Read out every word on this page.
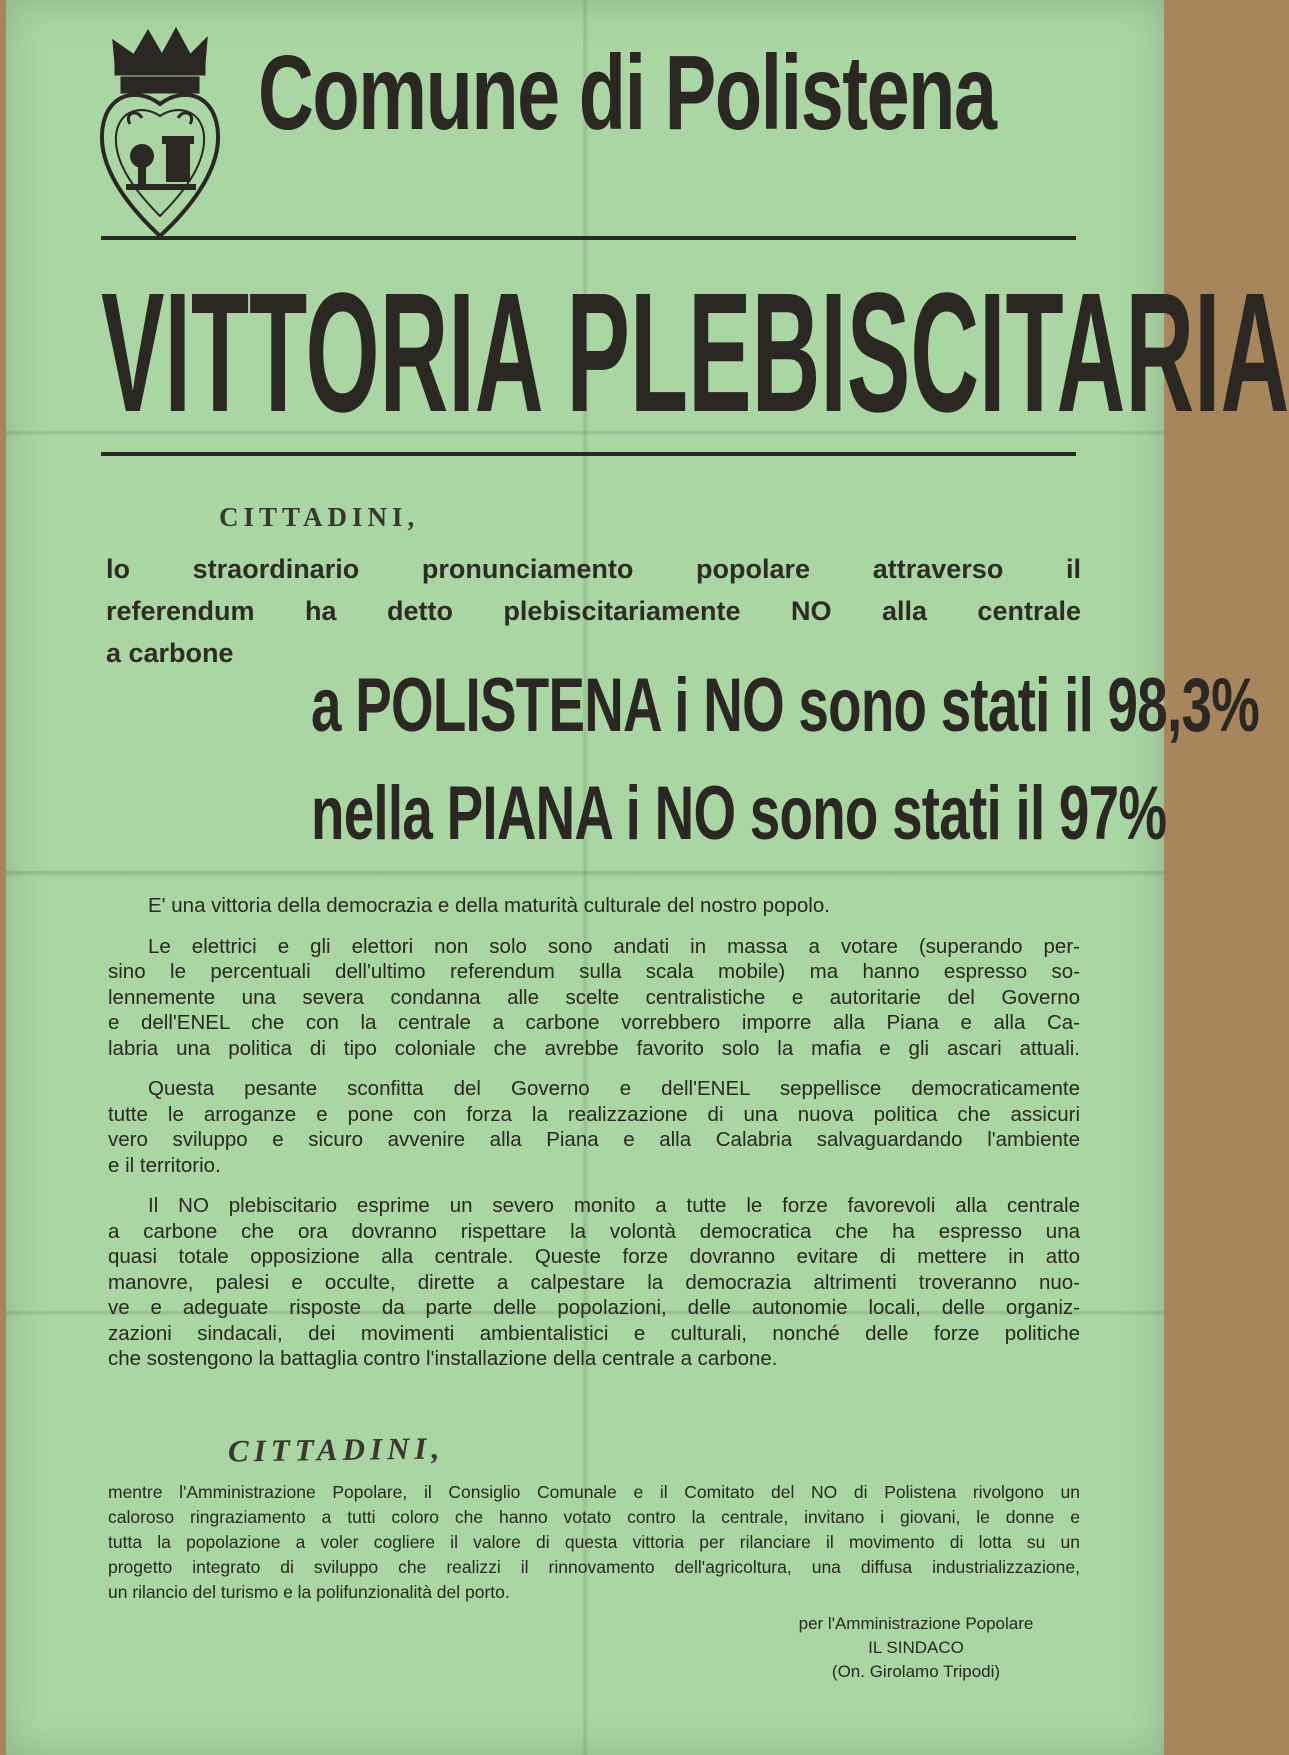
Comune di Polistena
VITTORIA PLEBISCITARIA
CITTADINI,
lo straordinario pronunciamento popolare attraverso il
referendum ha detto plebiscitariamente NO alla centrale
a carbone
a POLISTENA i NO sono stati il 98,3%
nella PIANA i NO sono stati il 97%

E' una vittoria della democrazia e della maturità culturale del nostro popolo.

Le elettrici e gli elettori non solo sono andati in massa a votare (superando per-
sino le percentuali dell'ultimo referendum sulla scala mobile) ma hanno espresso so-
lennemente una severa condanna alle scelte centralistiche e autoritarie del Governo
e dell'ENEL che con la centrale a carbone vorrebbero imporre alla Piana e alla Ca-
labria una politica di tipo coloniale che avrebbe favorito solo la mafia e gli ascari attuali.

Questa pesante sconfitta del Governo e dell'ENEL seppellisce democraticamente
tutte le arroganze e pone con forza la realizzazione di una nuova politica che assicuri
vero sviluppo e sicuro avvenire alla Piana e alla Calabria salvaguardando l'ambiente
e il territorio.

Il NO plebiscitario esprime un severo monito a tutte le forze favorevoli alla centrale
a carbone che ora dovranno rispettare la volontà democratica che ha espresso una
quasi totale opposizione alla centrale. Queste forze dovranno evitare di mettere in atto
manovre, palesi e occulte, dirette a calpestare la democrazia altrimenti troveranno nuo-
ve e adeguate risposte da parte delle popolazioni, delle autonomie locali, delle organiz-
zazioni sindacali, dei movimenti ambientalistici e culturali, nonché delle forze politiche
che sostengono la battaglia contro l'installazione della centrale a carbone.

CITTADINI,
mentre l'Amministrazione Popolare, il Consiglio Comunale e il Comitato del NO di Polistena rivolgono un
caloroso ringraziamento a tutti coloro che hanno votato contro la centrale, invitano i giovani, le donne e
tutta la popolazione a voler cogliere il valore di questa vittoria per rilanciare il movimento di lotta su un
progetto integrato di sviluppo che realizzi il rinnovamento dell'agricoltura, una diffusa industrializzazione,
un rilancio del turismo e la polifunzionalità del porto.
per l'Amministrazione Popolare
IL SINDACO
(On. Girolamo Tripodi)
